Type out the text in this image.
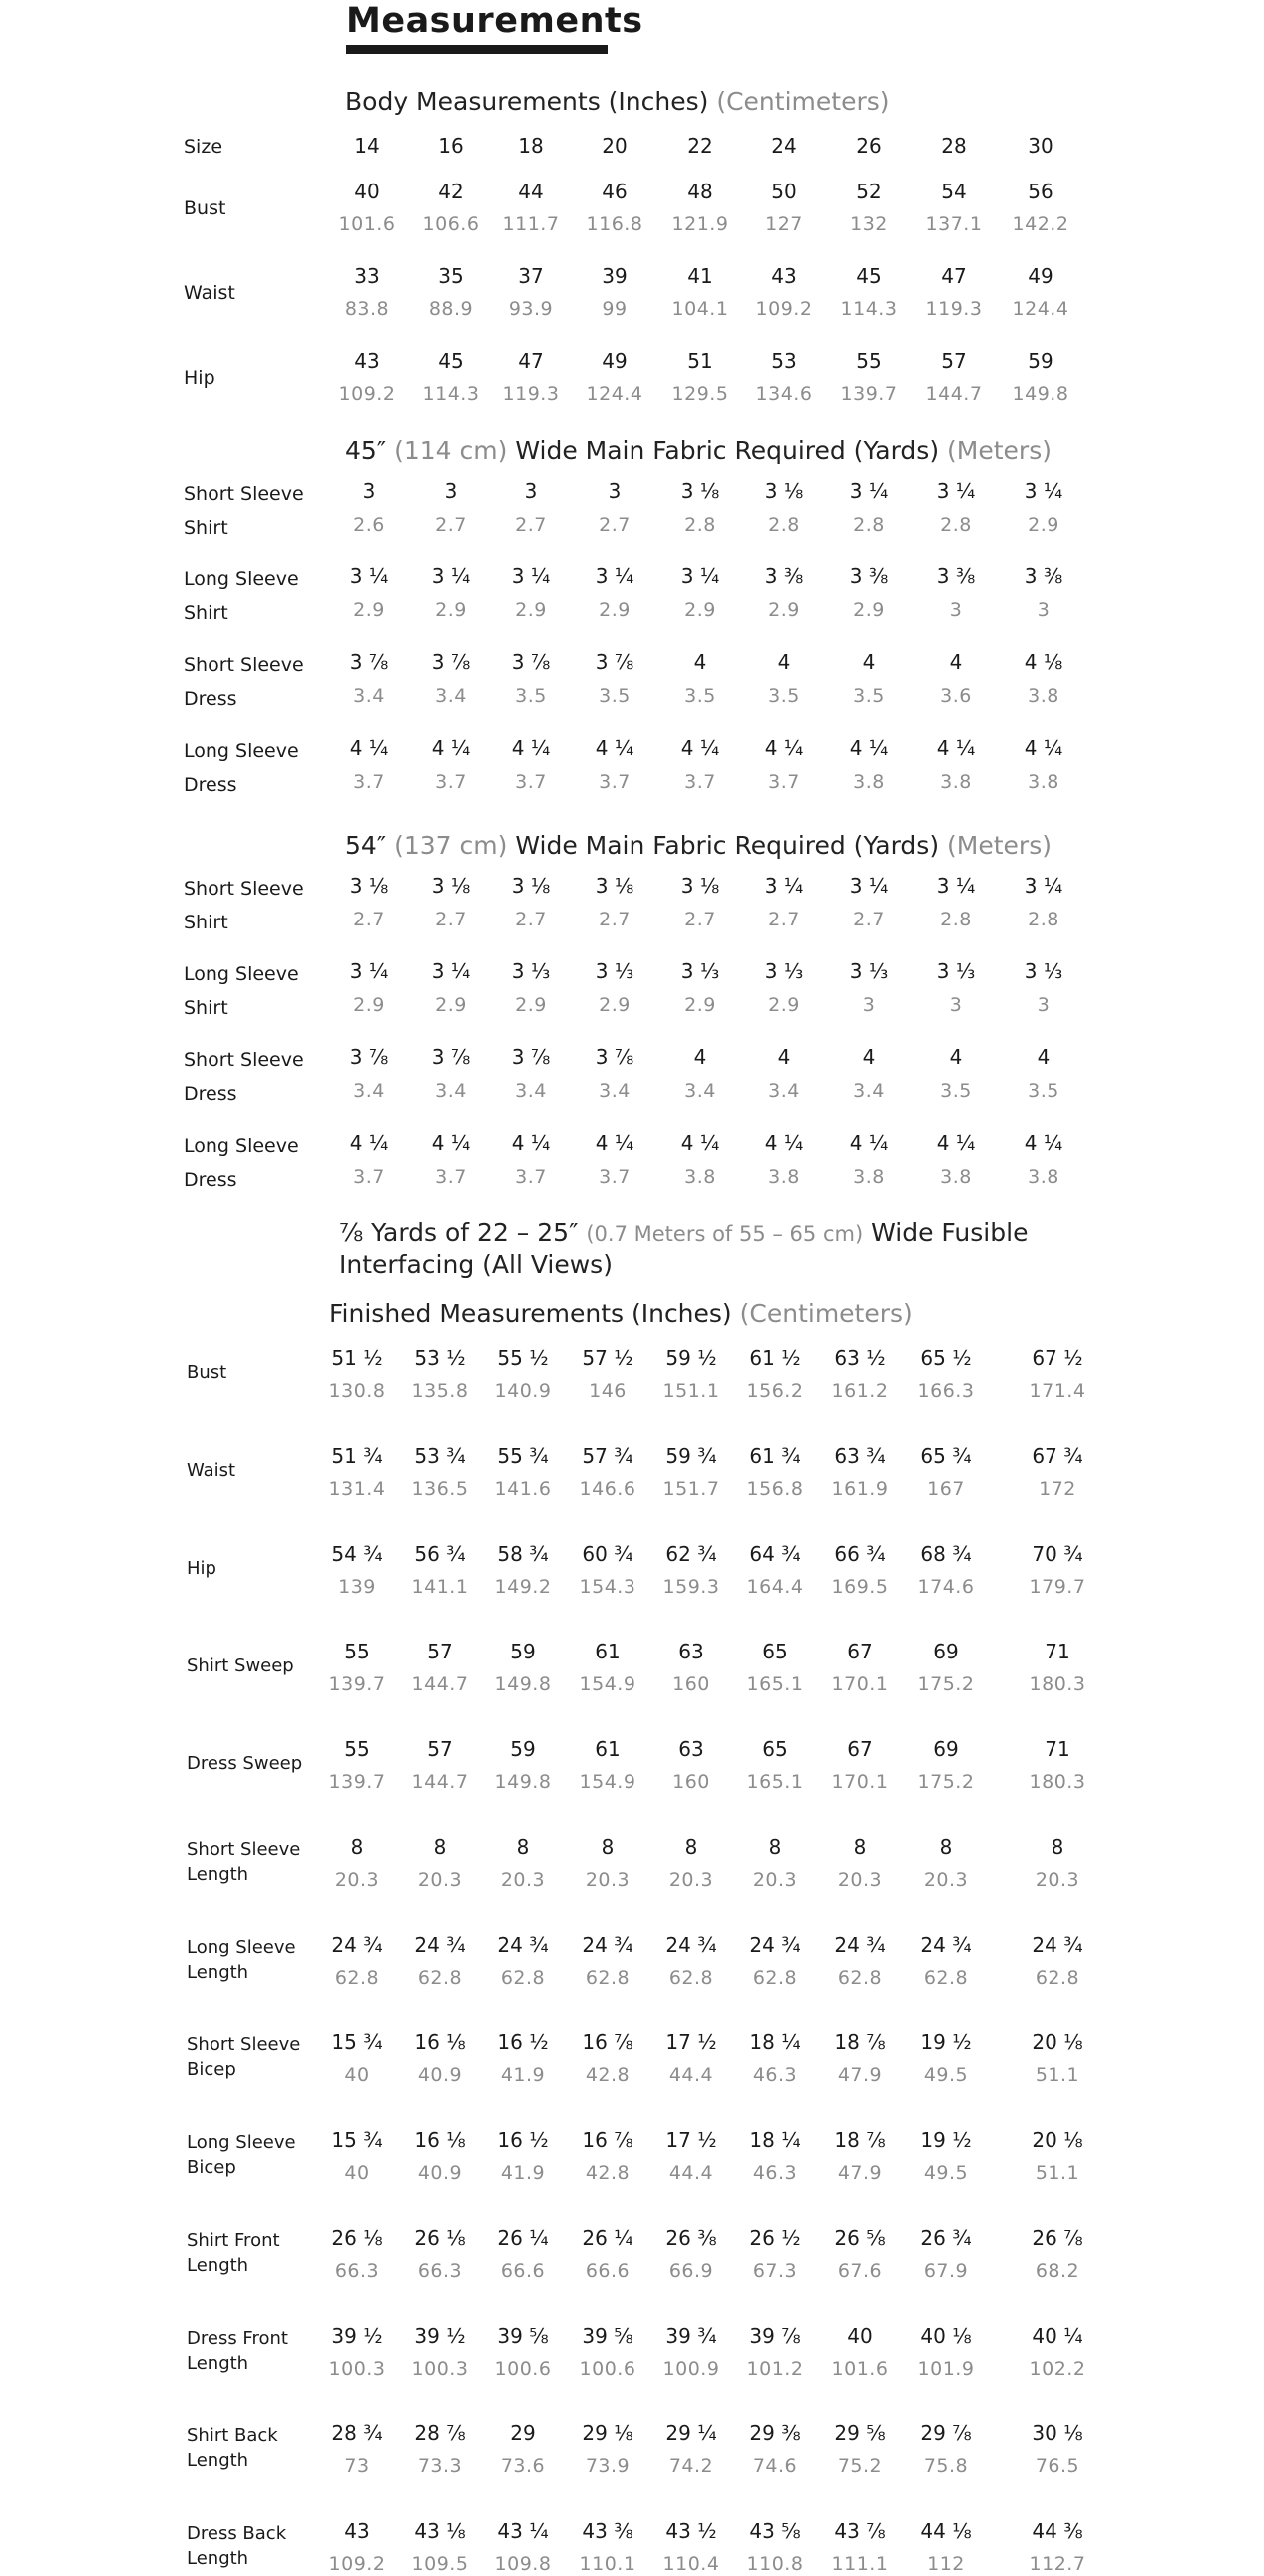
Measurements
Body Measurements (Inches) (Centimeters)
Size	14	16	18	20	22	24	26	28	30
Bust
40	42	44	46	48	50	52	54	56
101.6	106.6	111.7	116.8	121.9	127	132	137.1	142.2
Waist
33	35	37	39	41	43	45	47	49
83.8	88.9	93.9	99	104.1	109.2	114.3	119.3	124.4
Hip
43	45	47	49	51	53	55	57	59
109.2	114.3	119.3	124.4	129.5	134.6	139.7	144.7	149.8
45″ (114 cm) Wide Main Fabric Required (Yards) (Meters)
Short Sleeve
Shirt
3	3	3	3	3 ⅛	3 ⅛	3 ¼	3 ¼	3 ¼
2.6	2.7	2.7	2.7	2.8	2.8	2.8	2.8	2.9
Long Sleeve
Shirt
3 ¼	3 ¼	3 ¼	3 ¼	3 ¼	3 ⅜	3 ⅜	3 ⅜	3 ⅜
2.9	2.9	2.9	2.9	2.9	2.9	2.9	3	3
Short Sleeve
Dress
3 ⅞	3 ⅞	3 ⅞	3 ⅞	4	4	4	4	4 ⅛
3.4	3.4	3.5	3.5	3.5	3.5	3.5	3.6	3.8
Long Sleeve
Dress
4 ¼	4 ¼	4 ¼	4 ¼	4 ¼	4 ¼	4 ¼	4 ¼	4 ¼
3.7	3.7	3.7	3.7	3.7	3.7	3.8	3.8	3.8
54″ (137 cm) Wide Main Fabric Required (Yards) (Meters)
Short Sleeve
Shirt
3 ⅛	3 ⅛	3 ⅛	3 ⅛	3 ⅛	3 ¼	3 ¼	3 ¼	3 ¼
2.7	2.7	2.7	2.7	2.7	2.7	2.7	2.8	2.8
Long Sleeve
Shirt
3 ¼	3 ¼	3 ⅓	3 ⅓	3 ⅓	3 ⅓	3 ⅓	3 ⅓	3 ⅓
2.9	2.9	2.9	2.9	2.9	2.9	3	3	3
Short Sleeve
Dress
3 ⅞	3 ⅞	3 ⅞	3 ⅞	4	4	4	4	4
3.4	3.4	3.4	3.4	3.4	3.4	3.4	3.5	3.5
Long Sleeve
Dress
4 ¼	4 ¼	4 ¼	4 ¼	4 ¼	4 ¼	4 ¼	4 ¼	4 ¼
3.7	3.7	3.7	3.7	3.8	3.8	3.8	3.8	3.8
⅞ Yards of 22 – 25″ (0.7 Meters of 55 – 65 cm) Wide Fusible
Interfacing (All Views)
Finished Measurements (Inches) (Centimeters)
Bust
51 ½	53 ½	55 ½	57 ½	59 ½	61 ½	63 ½	65 ½	67 ½
130.8	135.8	140.9	146	151.1	156.2	161.2	166.3	171.4
Waist
51 ¾	53 ¾	55 ¾	57 ¾	59 ¾	61 ¾	63 ¾	65 ¾	67 ¾
131.4	136.5	141.6	146.6	151.7	156.8	161.9	167	172
Hip
54 ¾	56 ¾	58 ¾	60 ¾	62 ¾	64 ¾	66 ¾	68 ¾	70 ¾
139	141.1	149.2	154.3	159.3	164.4	169.5	174.6	179.7
Shirt Sweep
55	57	59	61	63	65	67	69	71
139.7	144.7	149.8	154.9	160	165.1	170.1	175.2	180.3
Dress Sweep
55	57	59	61	63	65	67	69	71
139.7	144.7	149.8	154.9	160	165.1	170.1	175.2	180.3
Short Sleeve
Length
8	8	8	8	8	8	8	8	8
20.3	20.3	20.3	20.3	20.3	20.3	20.3	20.3	20.3
Long Sleeve
Length
24 ¾	24 ¾	24 ¾	24 ¾	24 ¾	24 ¾	24 ¾	24 ¾	24 ¾
62.8	62.8	62.8	62.8	62.8	62.8	62.8	62.8	62.8
Short Sleeve
Bicep
15 ¾	16 ⅛	16 ½	16 ⅞	17 ½	18 ¼	18 ⅞	19 ½	20 ⅛
40	40.9	41.9	42.8	44.4	46.3	47.9	49.5	51.1
Long Sleeve
Bicep
15 ¾	16 ⅛	16 ½	16 ⅞	17 ½	18 ¼	18 ⅞	19 ½	20 ⅛
40	40.9	41.9	42.8	44.4	46.3	47.9	49.5	51.1
Shirt Front
Length
26 ⅛	26 ⅛	26 ¼	26 ¼	26 ⅜	26 ½	26 ⅝	26 ¾	26 ⅞
66.3	66.3	66.6	66.6	66.9	67.3	67.6	67.9	68.2
Dress Front
Length
39 ½	39 ½	39 ⅝	39 ⅝	39 ¾	39 ⅞	40	40 ⅛	40 ¼
100.3	100.3	100.6	100.6	100.9	101.2	101.6	101.9	102.2
Shirt Back
Length
28 ¾	28 ⅞	29	29 ⅛	29 ¼	29 ⅜	29 ⅝	29 ⅞	30 ⅛
73	73.3	73.6	73.9	74.2	74.6	75.2	75.8	76.5
Dress Back
Length
43	43 ⅛	43 ¼	43 ⅜	43 ½	43 ⅝	43 ⅞	44 ⅛	44 ⅜
109.2	109.5	109.8	110.1	110.4	110.8	111.1	112	112.7
